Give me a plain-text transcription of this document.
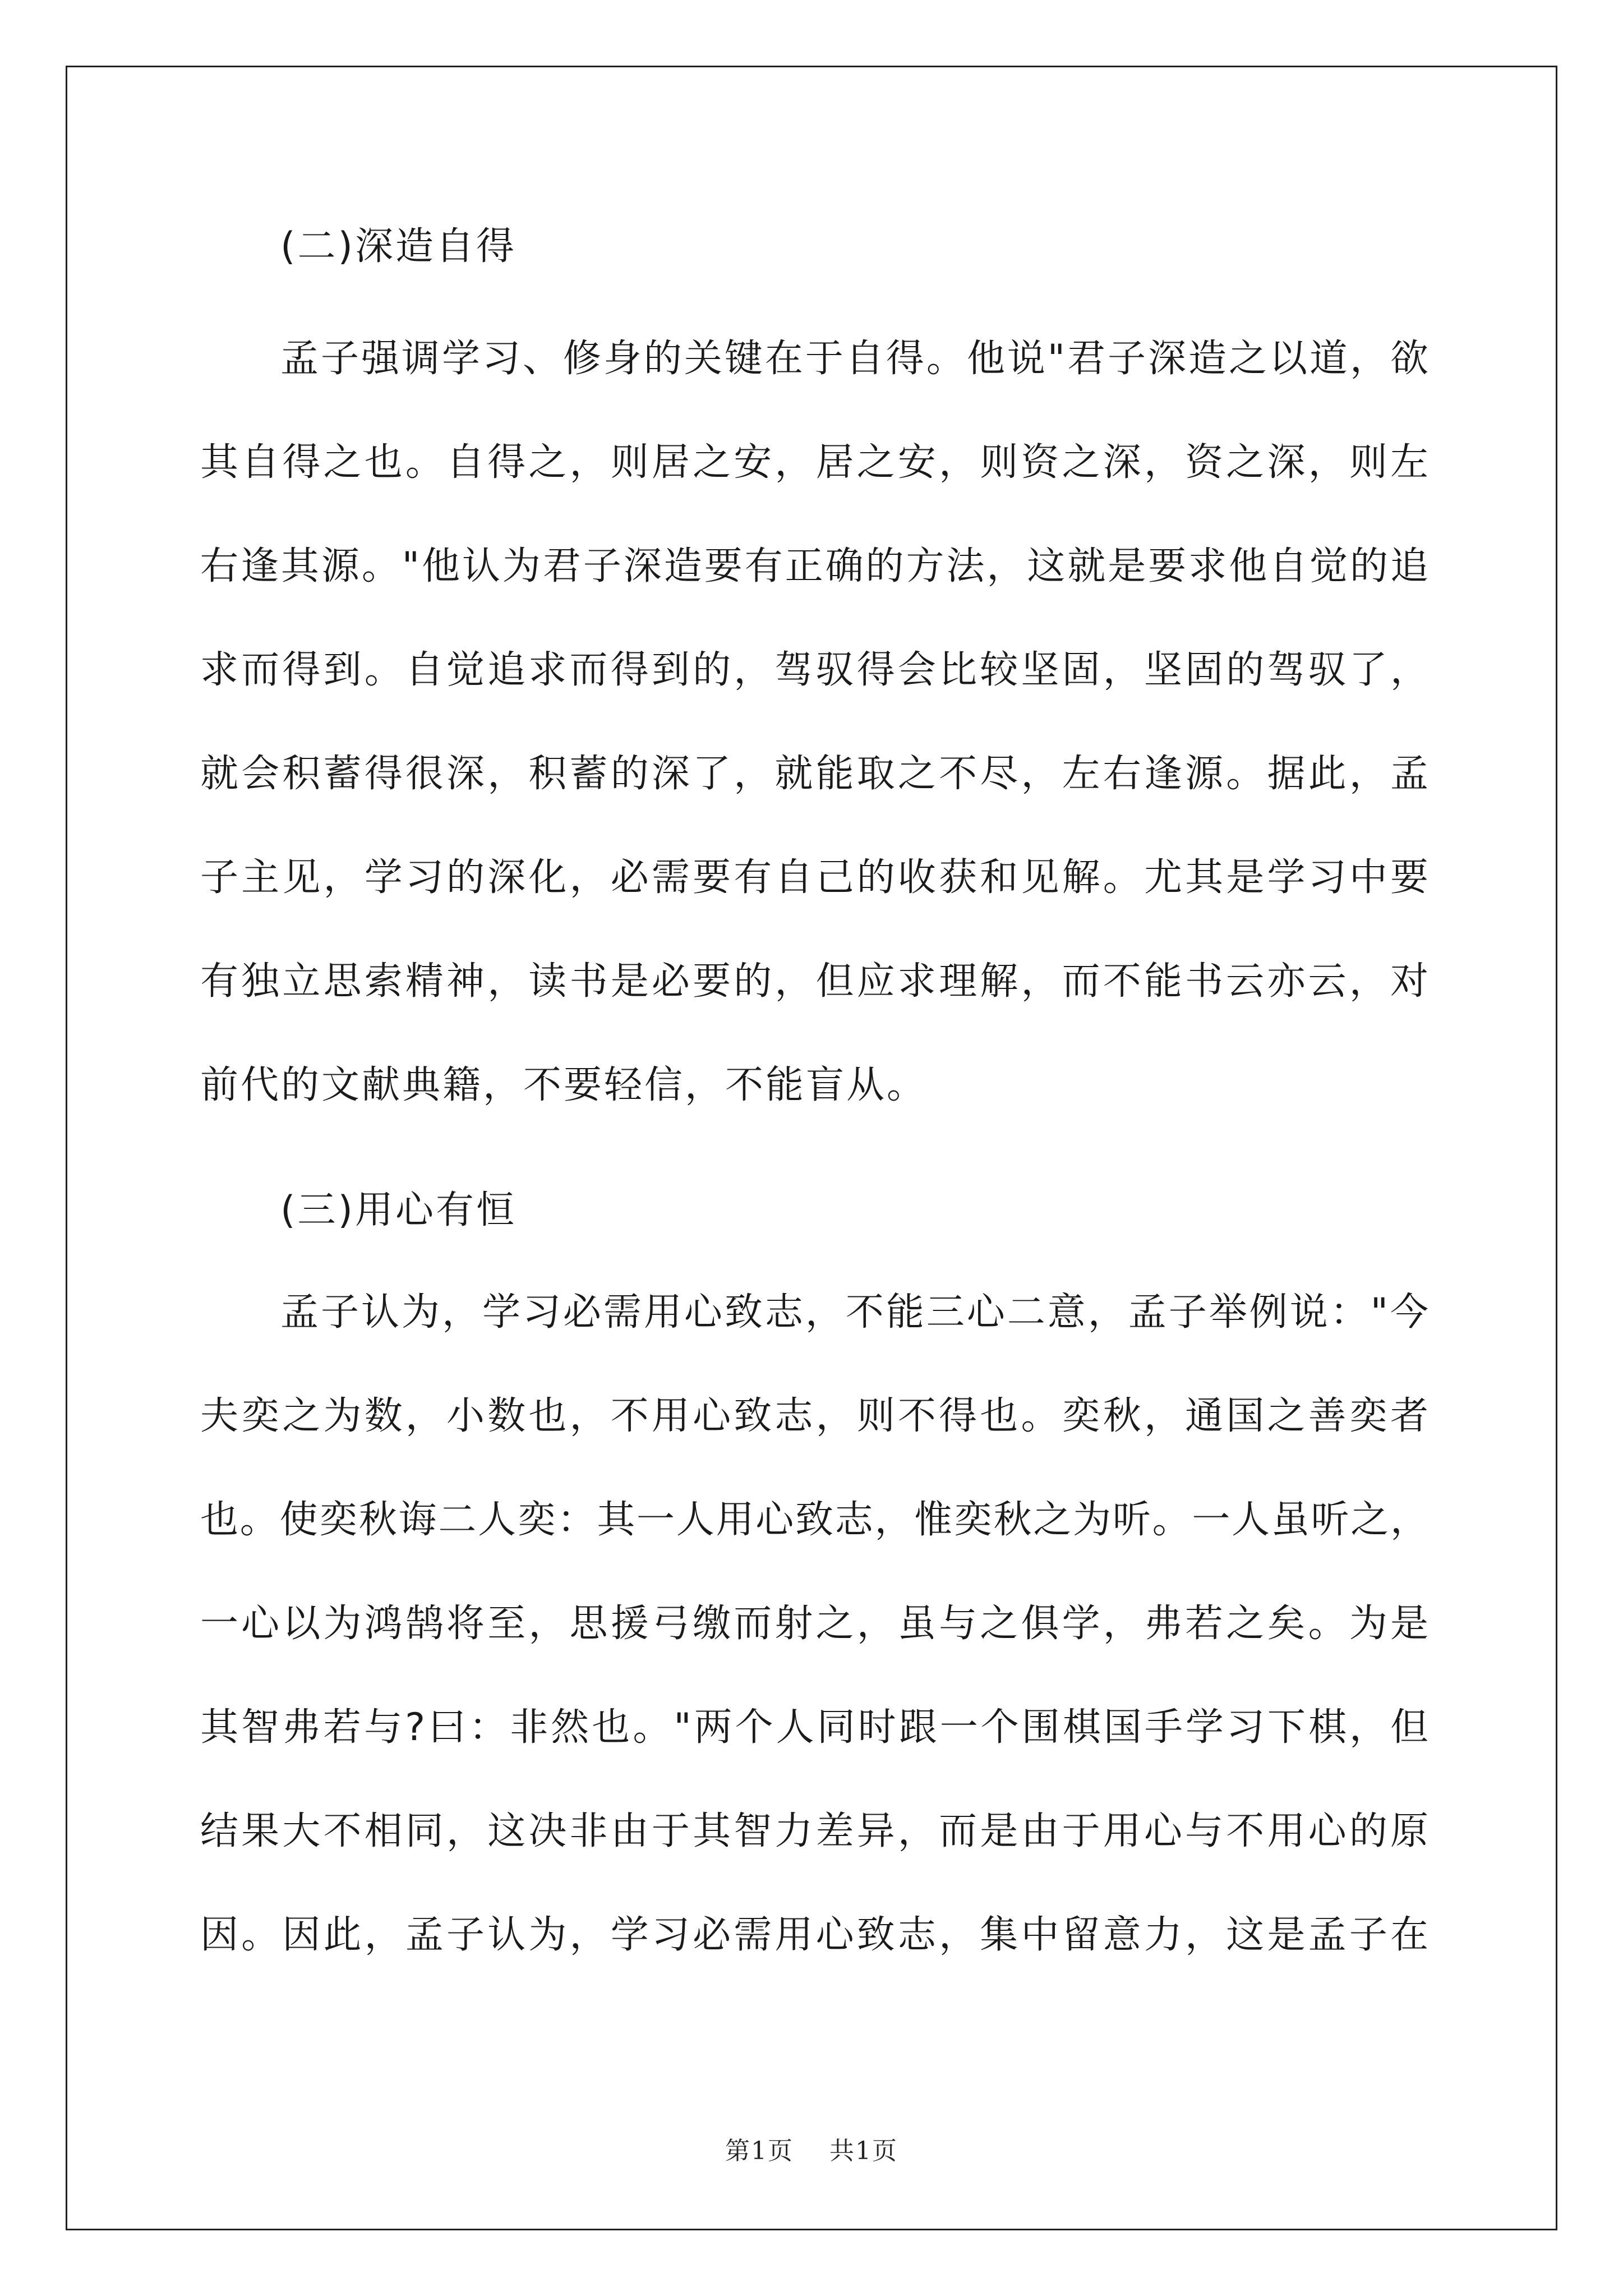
(二)深造自得

孟子强调学习、修身的关键在于自得。他说"君子深造之以道，欲

其自得之也。自得之，则居之安，居之安，则资之深，资之深，则左

右逢其源。"他认为君子深造要有正确的方法，这就是要求他自觉的追

求而得到。自觉追求而得到的，驾驭得会比较坚固，坚固的驾驭了，

就会积蓄得很深，积蓄的深了，就能取之不尽，左右逢源。据此，孟

子主见，学习的深化，必需要有自己的收获和见解。尤其是学习中要

有独立思索精神，读书是必要的，但应求理解，而不能书云亦云，对

前代的文献典籍，不要轻信，不能盲从。

(三)用心有恒

孟子认为，学习必需用心致志，不能三心二意，孟子举例说："今

夫奕之为数，小数也，不用心致志，则不得也。奕秋，通国之善奕者

也。使奕秋诲二人奕：其一人用心致志，惟奕秋之为听。一人虽听之，

一心以为鸿鹄将至，思援弓缴而射之，虽与之俱学，弗若之矣。为是

其智弗若与?曰：非然也。"两个人同时跟一个围棋国手学习下棋，但

结果大不相同，这决非由于其智力差异，而是由于用心与不用心的原

因。因此，孟子认为，学习必需用心致志，集中留意力，这是孟子在

第1页 共1页
